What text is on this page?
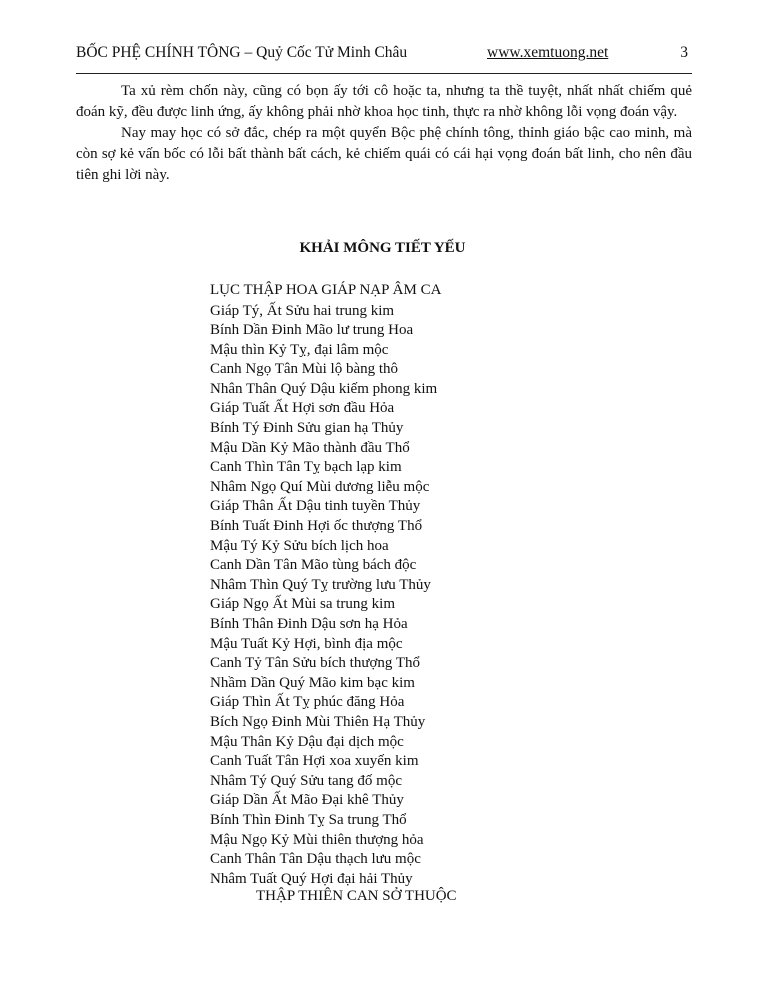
BỐC PHỆ CHÍNH TÔNG – Quỷ Cốc Tử Minh Châu	www.xemtuong.net	3

Ta xủ rèm chốn này, cũng có bọn ấy tới cô hoặc ta, nhưng ta thề tuyệt, nhất nhất chiếm quẻ đoán kỹ, đều được linh ứng, ấy không phải nhờ khoa học tinh, thực ra nhờ không lỗi vọng đoán vậy.

Nay may học có sở đắc, chép ra một quyển Bộc phệ chính tông, thỉnh giáo bậc cao minh, mà còn sợ kẻ vấn bốc có lỗi bất thành bất cách, kẻ chiếm quái có cái hại vọng đoán bất linh, cho nên đầu tiên ghi lời này.

KHẢI MÔNG TIẾT YẾU
LỤC THẬP HOA GIÁP NẠP ÂM CA
Giáp Tý, Ất Sửu hai trung kim
Bính Dần Đinh Mão lư trung Hoa
Mậu thìn Kỷ Tỵ, đại lâm mộc
Canh Ngọ Tân Mùi lộ bàng thô
Nhân Thân Quý Dậu kiếm phong kim
Giáp Tuất Ất Hợi sơn đầu Hỏa
Bính Tý Đinh Sửu gian hạ Thủy
Mậu Dần Kỷ Mão thành đầu Thổ
Canh Thìn Tân Tỵ bạch lạp kim
Nhâm Ngọ Quí Mùi dương liễu mộc
Giáp Thân Ất Dậu tinh tuyền Thủy
Bính Tuất Đinh Hợi ốc thượng Thổ
Mậu Tý Kỷ Sửu bích lịch hoa
Canh Dần Tân Mão tùng bách độc
Nhâm Thìn Quý Tỵ trường lưu Thủy
Giáp Ngọ Ất Mùi sa trung kim
Bính Thân Đinh Dậu sơn hạ Hỏa
Mậu Tuất Kỷ Hợi, bình địa mộc
Canh Tỷ Tân Sửu bích thượng Thổ
Nhầm Dần Quý Mão kim bạc kim
Giáp Thìn Ất Tỵ phúc đăng Hỏa
Bích Ngọ Đinh Mùi Thiên Hạ Thủy
Mậu Thân Kỷ Dậu đại dịch mộc
Canh Tuất Tân Hợi xoa xuyến kim
Nhâm Tý Quý Sửu tang đố mộc
Giáp Dần Ất Mão Đại khê Thủy
Bính Thìn Đinh Tỵ Sa trung Thổ
Mậu Ngọ Kỷ Mùi thiên thượng hỏa
Canh Thân Tân Dậu thạch lưu mộc
Nhâm Tuất Quý Hợi đại hải Thủy
THẬP THIÊN CAN SỞ THUỘC
